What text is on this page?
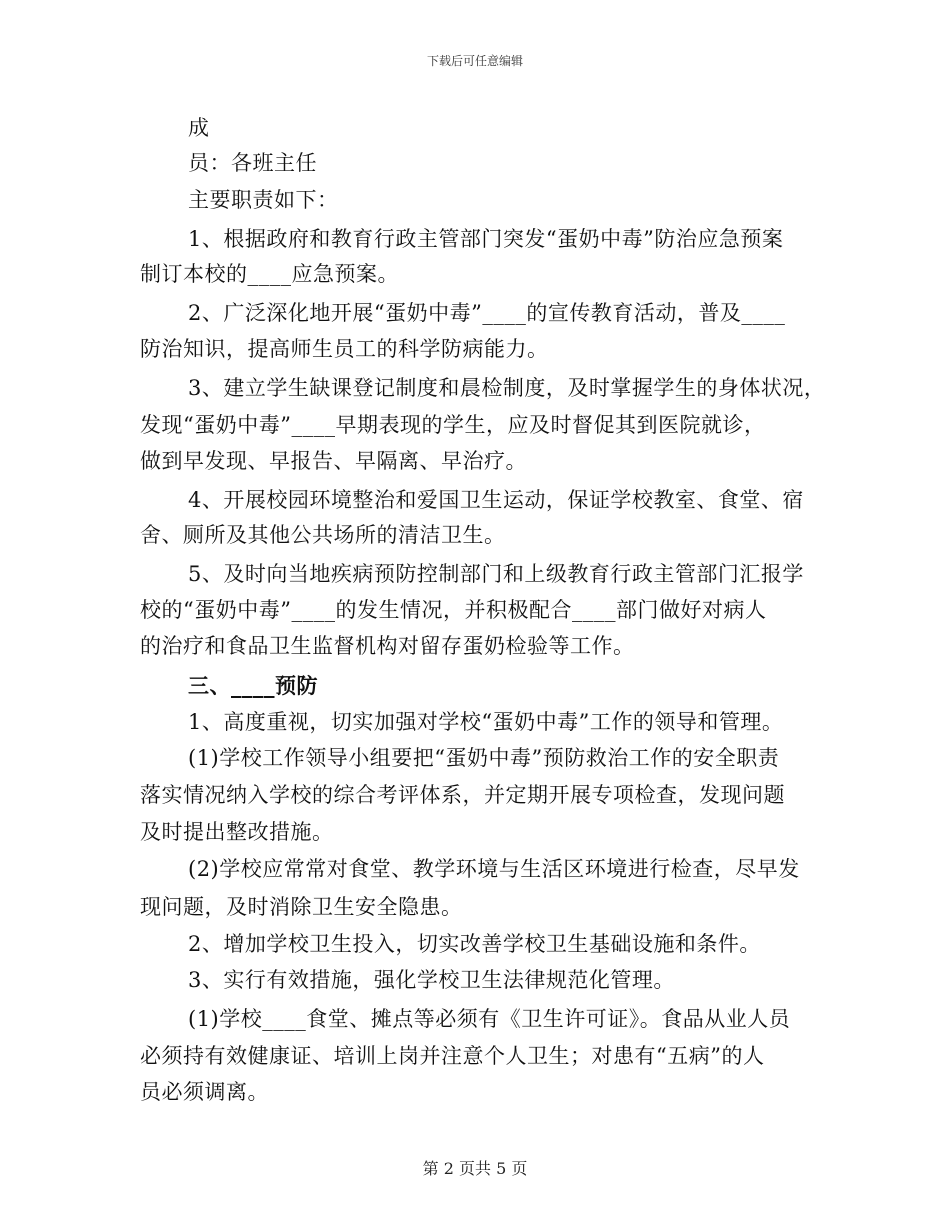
下载后可任意编辑
成
员：各班主任
主要职责如下：
1、根据政府和教育行政主管部门突发“蛋奶中毒”防治应急预案
制订本校的____应急预案。
2、广泛深化地开展“蛋奶中毒”____的宣传教育活动，普及____
防治知识，提高师生员工的科学防病能力。
3、建立学生缺课登记制度和晨检制度，及时掌握学生的身体状况，
发现“蛋奶中毒”____早期表现的学生，应及时督促其到医院就诊，
做到早发现、早报告、早隔离、早治疗。
4、开展校园环境整治和爱国卫生运动，保证学校教室、食堂、宿
舍、厕所及其他公共场所的清洁卫生。
5、及时向当地疾病预防控制部门和上级教育行政主管部门汇报学
校的“蛋奶中毒”____的发生情况，并积极配合____部门做好对病人
的治疗和食品卫生监督机构对留存蛋奶检验等工作。
三、____预防
1、高度重视，切实加强对学校“蛋奶中毒”工作的领导和管理。
(1)学校工作领导小组要把“蛋奶中毒”预防救治工作的安全职责
落实情况纳入学校的综合考评体系，并定期开展专项检查，发现问题
及时提出整改措施。
(2)学校应常常对食堂、教学环境与生活区环境进行检查，尽早发
现问题，及时消除卫生安全隐患。
2、增加学校卫生投入，切实改善学校卫生基础设施和条件。
3、实行有效措施，强化学校卫生法律规范化管理。
(1)学校____食堂、摊点等必须有《卫生许可证》。食品从业人员
必须持有效健康证、培训上岗并注意个人卫生；对患有“五病”的人
员必须调离。
第 2 页共 5 页
